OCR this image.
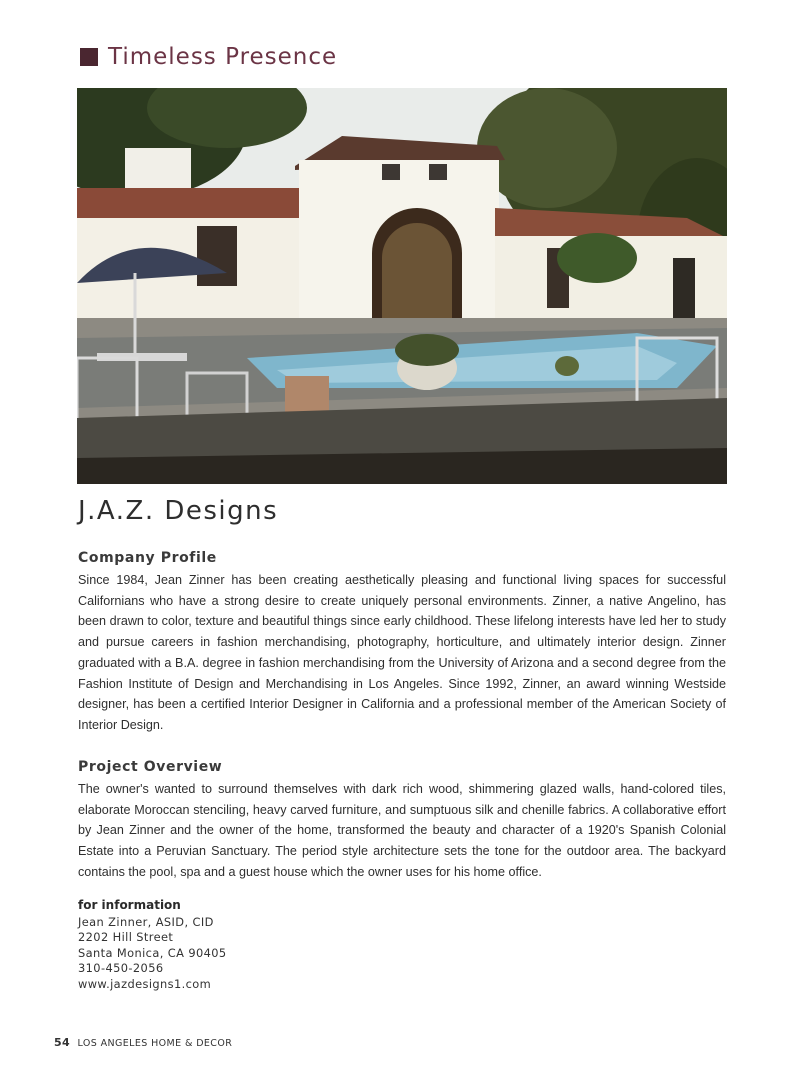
Timeless Presence
J.A.Z. Designs
Company Profile
Since 1984, Jean Zinner has been creating aesthetically pleasing and functional living spaces for successful Californians who have a strong desire to create uniquely personal environments. Zinner, a native Angelino, has been drawn to color, texture and beautiful things since early childhood. These lifelong interests have led her to study and pursue careers in fashion merchandising, photography, horticulture, and ultimately interior design. Zinner graduated with a B.A. degree in fashion merchandising from the University of Arizona and a second degree from the Fashion Institute of Design and Merchandising in Los Angeles. Since 1992, Zinner, an award winning Westside designer, has been a certified Interior Designer in California and a professional member of the American Society of Interior Design.
Project Overview
The owner's wanted to surround themselves with dark rich wood, shimmering glazed walls, hand-colored tiles, elaborate Moroccan stenciling, heavy carved furniture, and sumptuous silk and chenille fabrics. A collaborative effort by Jean Zinner and the owner of the home, transformed the beauty and character of a 1920's Spanish Colonial Estate into a Peruvian Sanctuary. The period style architecture sets the tone for the outdoor area. The backyard contains the pool, spa and a guest house which the owner uses for his home office.
for information
Jean Zinner, ASID, CID
2202 Hill Street
Santa Monica, CA 90405
310-450-2056
www.jazdesigns1.com
54 LOS ANGELES HOME & DECOR
